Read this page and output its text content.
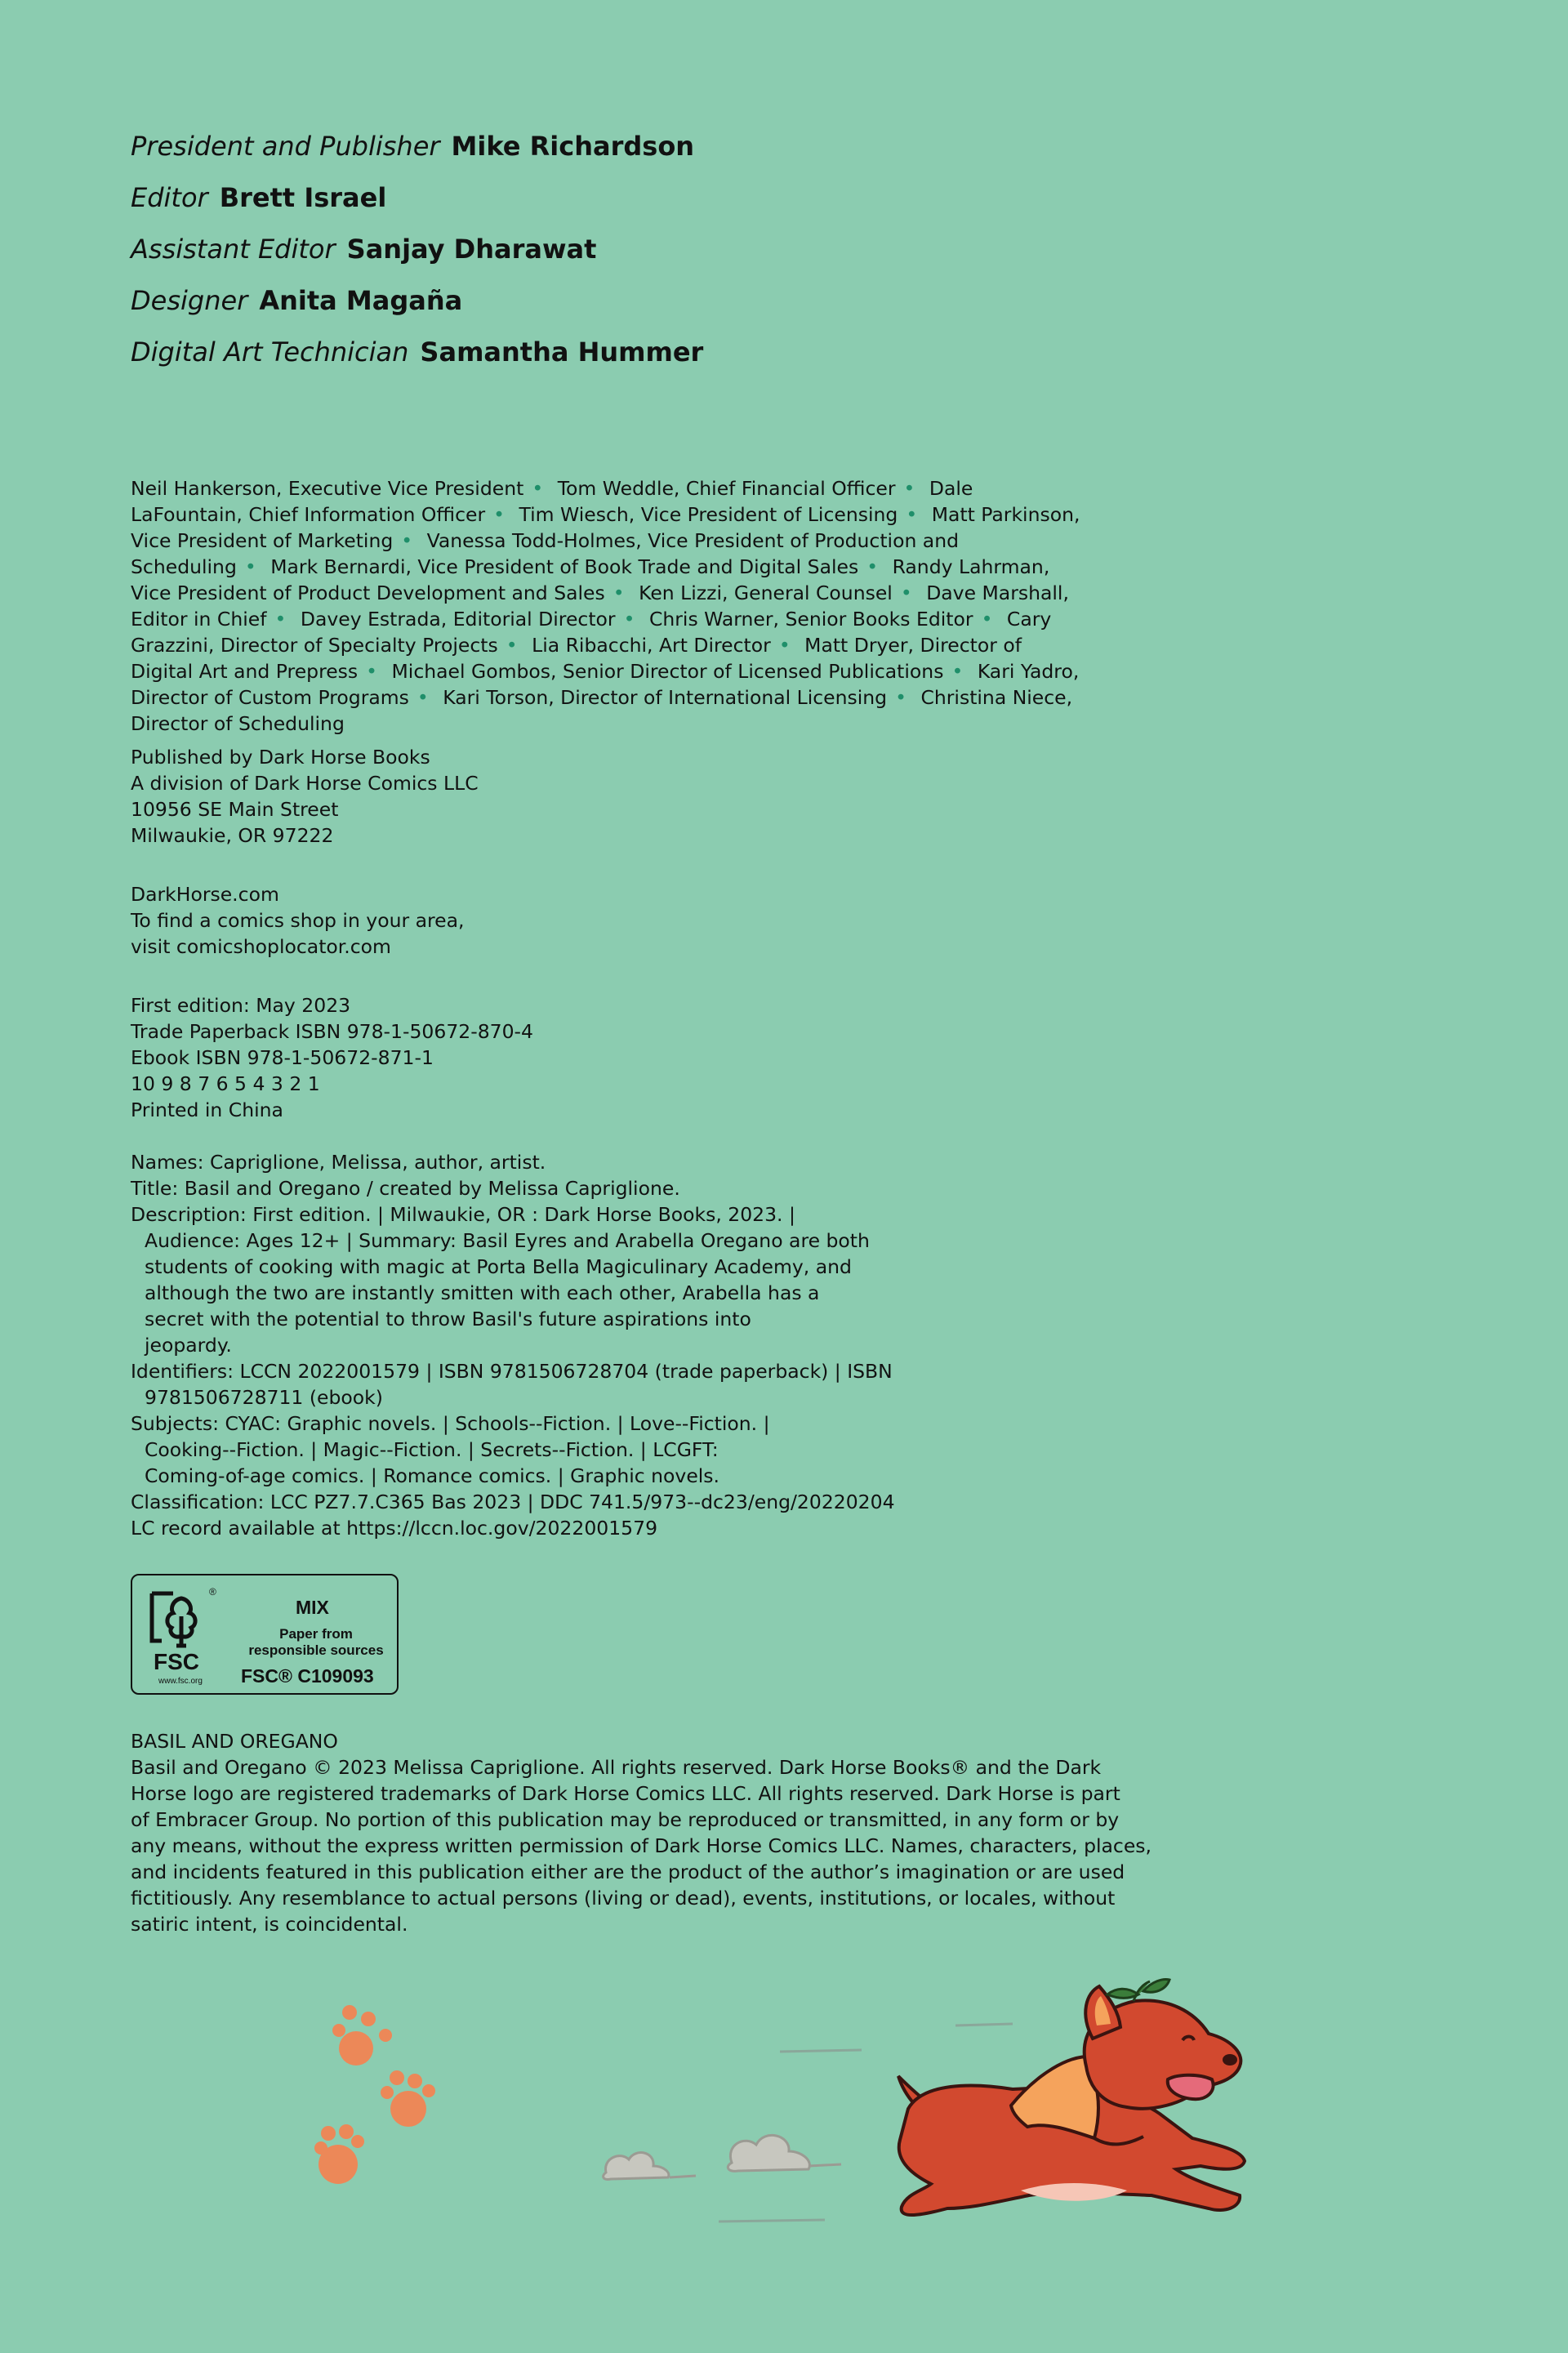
President and Publisher Mike Richardson
Editor Brett Israel
Assistant Editor Sanjay Dharawat
Designer Anita Magaña
Digital Art Technician Samantha Hummer
Neil Hankerson, Executive Vice President • Tom Weddle, Chief Financial Officer • Dale LaFountain, Chief Information Officer • Tim Wiesch, Vice President of Licensing • Matt Parkinson, Vice President of Marketing • Vanessa Todd-Holmes, Vice President of Production and Scheduling • Mark Bernardi, Vice President of Book Trade and Digital Sales • Randy Lahrman, Vice President of Product Development and Sales • Ken Lizzi, General Counsel • Dave Marshall, Editor in Chief • Davey Estrada, Editorial Director • Chris Warner, Senior Books Editor • Cary Grazzini, Director of Specialty Projects • Lia Ribacchi, Art Director • Matt Dryer, Director of Digital Art and Prepress • Michael Gombos, Senior Director of Licensed Publications • Kari Yadro, Director of Custom Programs • Kari Torson, Director of International Licensing • Christina Niece, Director of Scheduling
Published by Dark Horse Books
A division of Dark Horse Comics LLC
10956 SE Main Street
Milwaukie, OR 97222
DarkHorse.com
To find a comics shop in your area,
visit comicshoplocator.com
First edition: May 2023
Trade Paperback ISBN 978-1-50672-870-4
Ebook ISBN 978-1-50672-871-1
10 9 8 7 6 5 4 3 2 1
Printed in China
Names: Capriglione, Melissa, author, artist.
Title: Basil and Oregano / created by Melissa Capriglione.
Description: First edition. | Milwaukie, OR : Dark Horse Books, 2023. |
Audience: Ages 12+ | Summary: Basil Eyres and Arabella Oregano are both
students of cooking with magic at Porta Bella Magiculinary Academy, and
although the two are instantly smitten with each other, Arabella has a
secret with the potential to throw Basil's future aspirations into
jeopardy.
Identifiers: LCCN 2022001579 | ISBN 9781506728704 (trade paperback) | ISBN
9781506728711 (ebook)
Subjects: CYAC: Graphic novels. | Schools--Fiction. | Love--Fiction. |
Cooking--Fiction. | Magic--Fiction. | Secrets--Fiction. | LCGFT:
Coming-of-age comics. | Romance comics. | Graphic novels.
Classification: LCC PZ7.7.C365 Bas 2023 | DDC 741.5/973--dc23/eng/20220204
LC record available at https://lccn.loc.gov/2022001579
®
FSC
www.fsc.org
MIX
Paper from
responsible sources
FSC® C109093
BASIL AND OREGANO
Basil and Oregano © 2023 Melissa Capriglione. All rights reserved. Dark Horse Books® and the Dark
Horse logo are registered trademarks of Dark Horse Comics LLC. All rights reserved. Dark Horse is part
of Embracer Group. No portion of this publication may be reproduced or transmitted, in any form or by
any means, without the express written permission of Dark Horse Comics LLC. Names, characters, places,
and incidents featured in this publication either are the product of the author’s imagination or are used
fictitiously. Any resemblance to actual persons (living or dead), events, institutions, or locales, without
satiric intent, is coincidental.
